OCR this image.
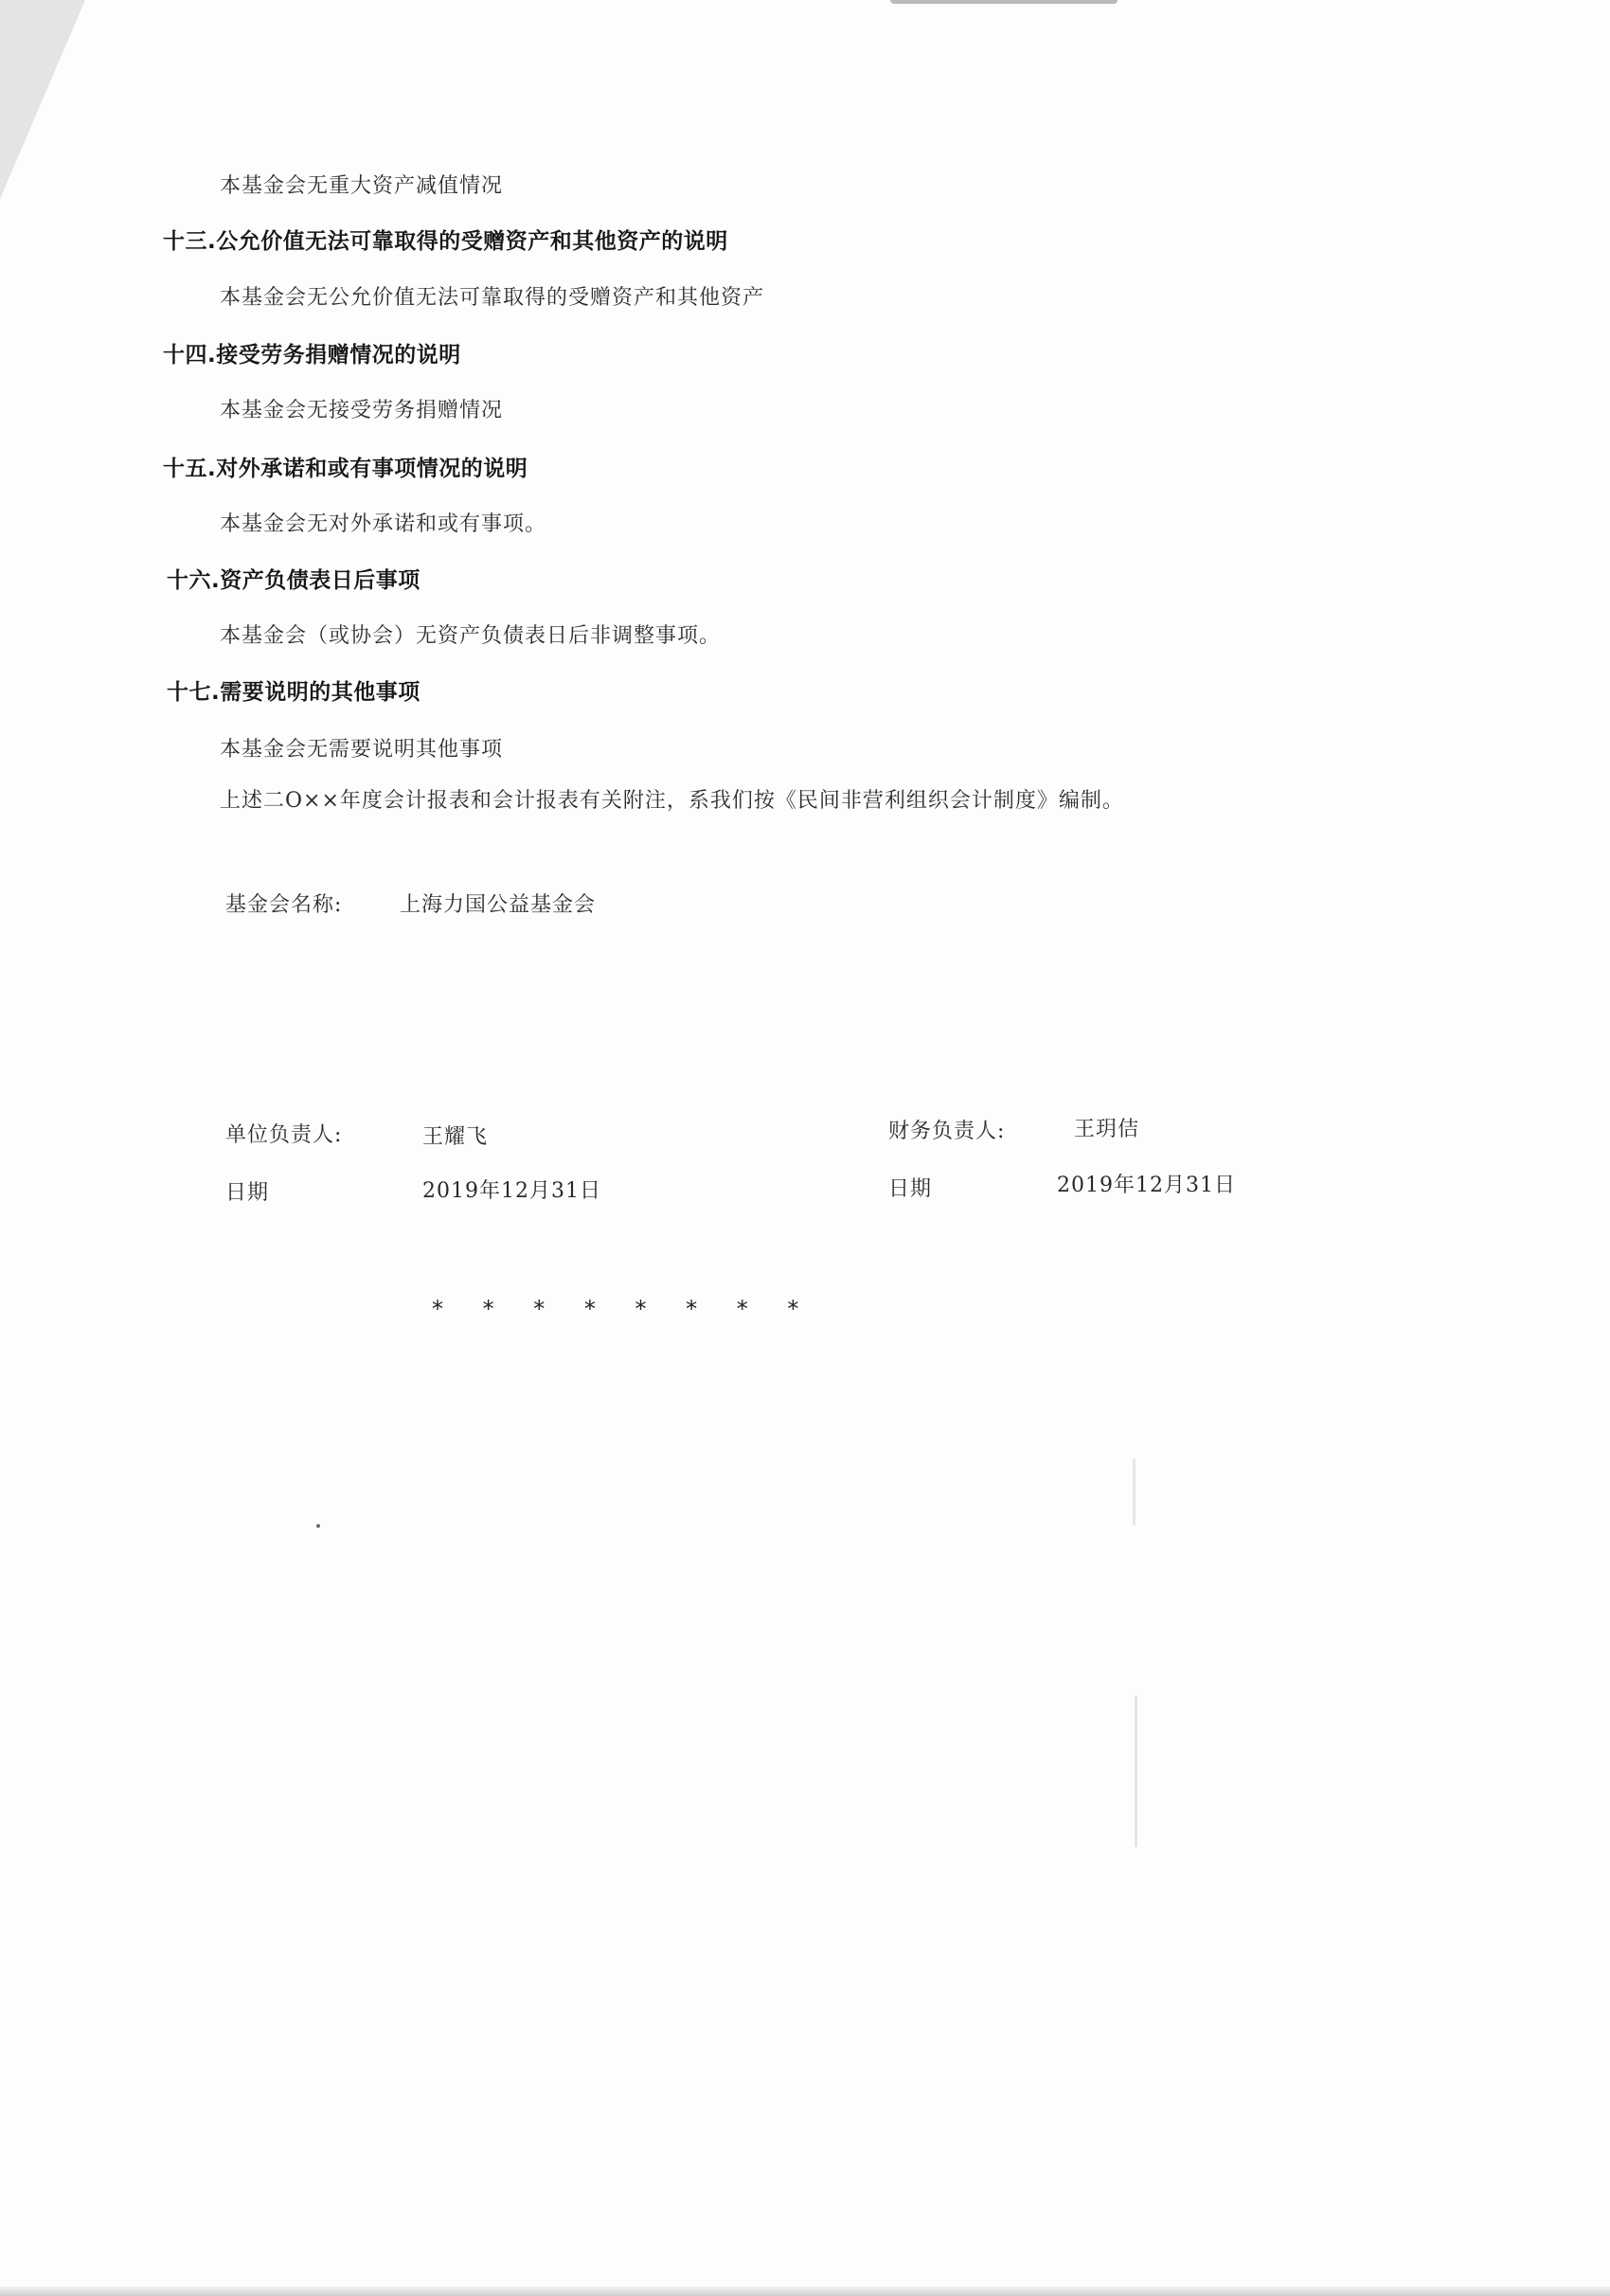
本基金会无重大资产减值情况
十三.公允价值无法可靠取得的受赠资产和其他资产的说明
本基金会无公允价值无法可靠取得的受赠资产和其他资产
十四.接受劳务捐赠情况的说明
本基金会无接受劳务捐赠情况
十五.对外承诺和或有事项情况的说明
本基金会无对外承诺和或有事项。
十六.资产负债表日后事项
本基金会（或协会）无资产负债表日后非调整事项。
十七.需要说明的其他事项
本基金会无需要说明其他事项
上述二O××年度会计报表和会计报表有关附注，系我们按《民间非营利组织会计制度》编制。
基金会名称:	上海力国公益基金会
单位负责人:	王耀飞	财务负责人:	王玥佶
日期	2019年12月31日	日期	2019年12月31日
* * * * * * * *
